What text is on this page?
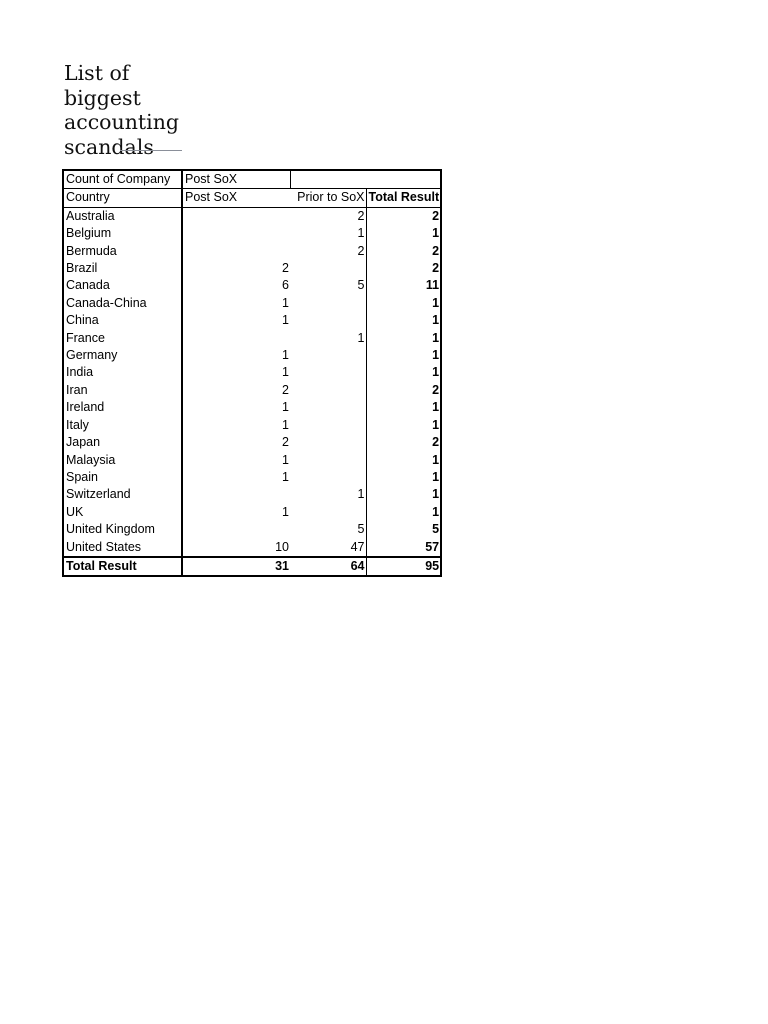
List of
biggest
accounting
scandals
Count of Company	Post SoX		
Country	Post SoX	Prior to SoX	Total Result
Australia		2	2
Belgium		1	1
Bermuda		2	2
Brazil	2		2
Canada	6	5	11
Canada-China	1		1
China	1		1
France		1	1
Germany	1		1
India	1		1
Iran	2		2
Ireland	1		1
Italy	1		1
Japan	2		2
Malaysia	1		1
Spain	1		1
Switzerland		1	1
UK	1		1
United Kingdom		5	5
United States	10	47	57
Total Result	31	64	95
